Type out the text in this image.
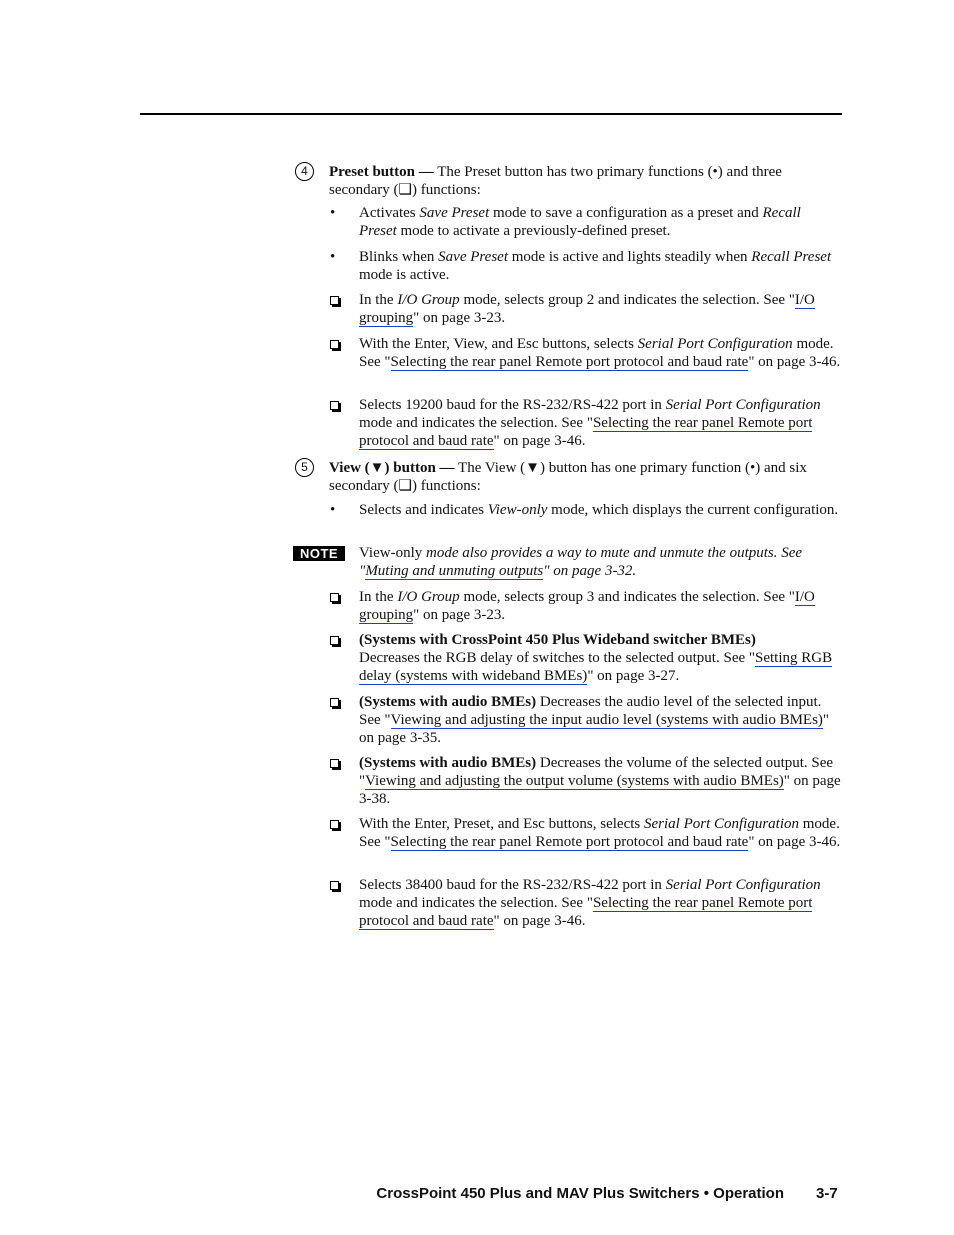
4	Preset button — The Preset button has two primary functions (•) and three secondary (❑) functions:
• Activates Save Preset mode to save a configuration as a preset and Recall Preset mode to activate a previously-defined preset.
• Blinks when Save Preset mode is active and lights steadily when Recall Preset mode is active.
In the I/O Group mode, selects group 2 and indicates the selection. See "I/O grouping" on page 3-23.
With the Enter, View, and Esc buttons, selects Serial Port Configuration mode. See "Selecting the rear panel Remote port protocol and baud rate" on page 3-46.
Selects 19200 baud for the RS-232/RS-422 port in Serial Port Configuration mode and indicates the selection. See "Selecting the rear panel Remote port protocol and baud rate" on page 3-46.
5	View (▼) button — The View (▼) button has one primary function (•) and six secondary (❑) functions:
• Selects and indicates View-only mode, which displays the current configuration.
NOTE	View-only mode also provides a way to mute and unmute the outputs. See "Muting and unmuting outputs" on page 3-32.
In the I/O Group mode, selects group 3 and indicates the selection. See "I/O grouping" on page 3-23.
(Systems with CrossPoint 450 Plus Wideband switcher BMEs)
Decreases the RGB delay of switches to the selected output. See "Setting RGB delay (systems with wideband BMEs)" on page 3-27.
(Systems with audio BMEs) Decreases the audio level of the selected input. See "Viewing and adjusting the input audio level (systems with audio BMEs)" on page 3-35.
(Systems with audio BMEs) Decreases the volume of the selected output. See "Viewing and adjusting the output volume (systems with audio BMEs)" on page 3-38.
With the Enter, Preset, and Esc buttons, selects Serial Port Configuration mode. See "Selecting the rear panel Remote port protocol and baud rate" on page 3-46.
Selects 38400 baud for the RS-232/RS-422 port in Serial Port Configuration mode and indicates the selection. See "Selecting the rear panel Remote port protocol and baud rate" on page 3-46.
CrossPoint 450 Plus and MAV Plus Switchers • Operation 3-7
